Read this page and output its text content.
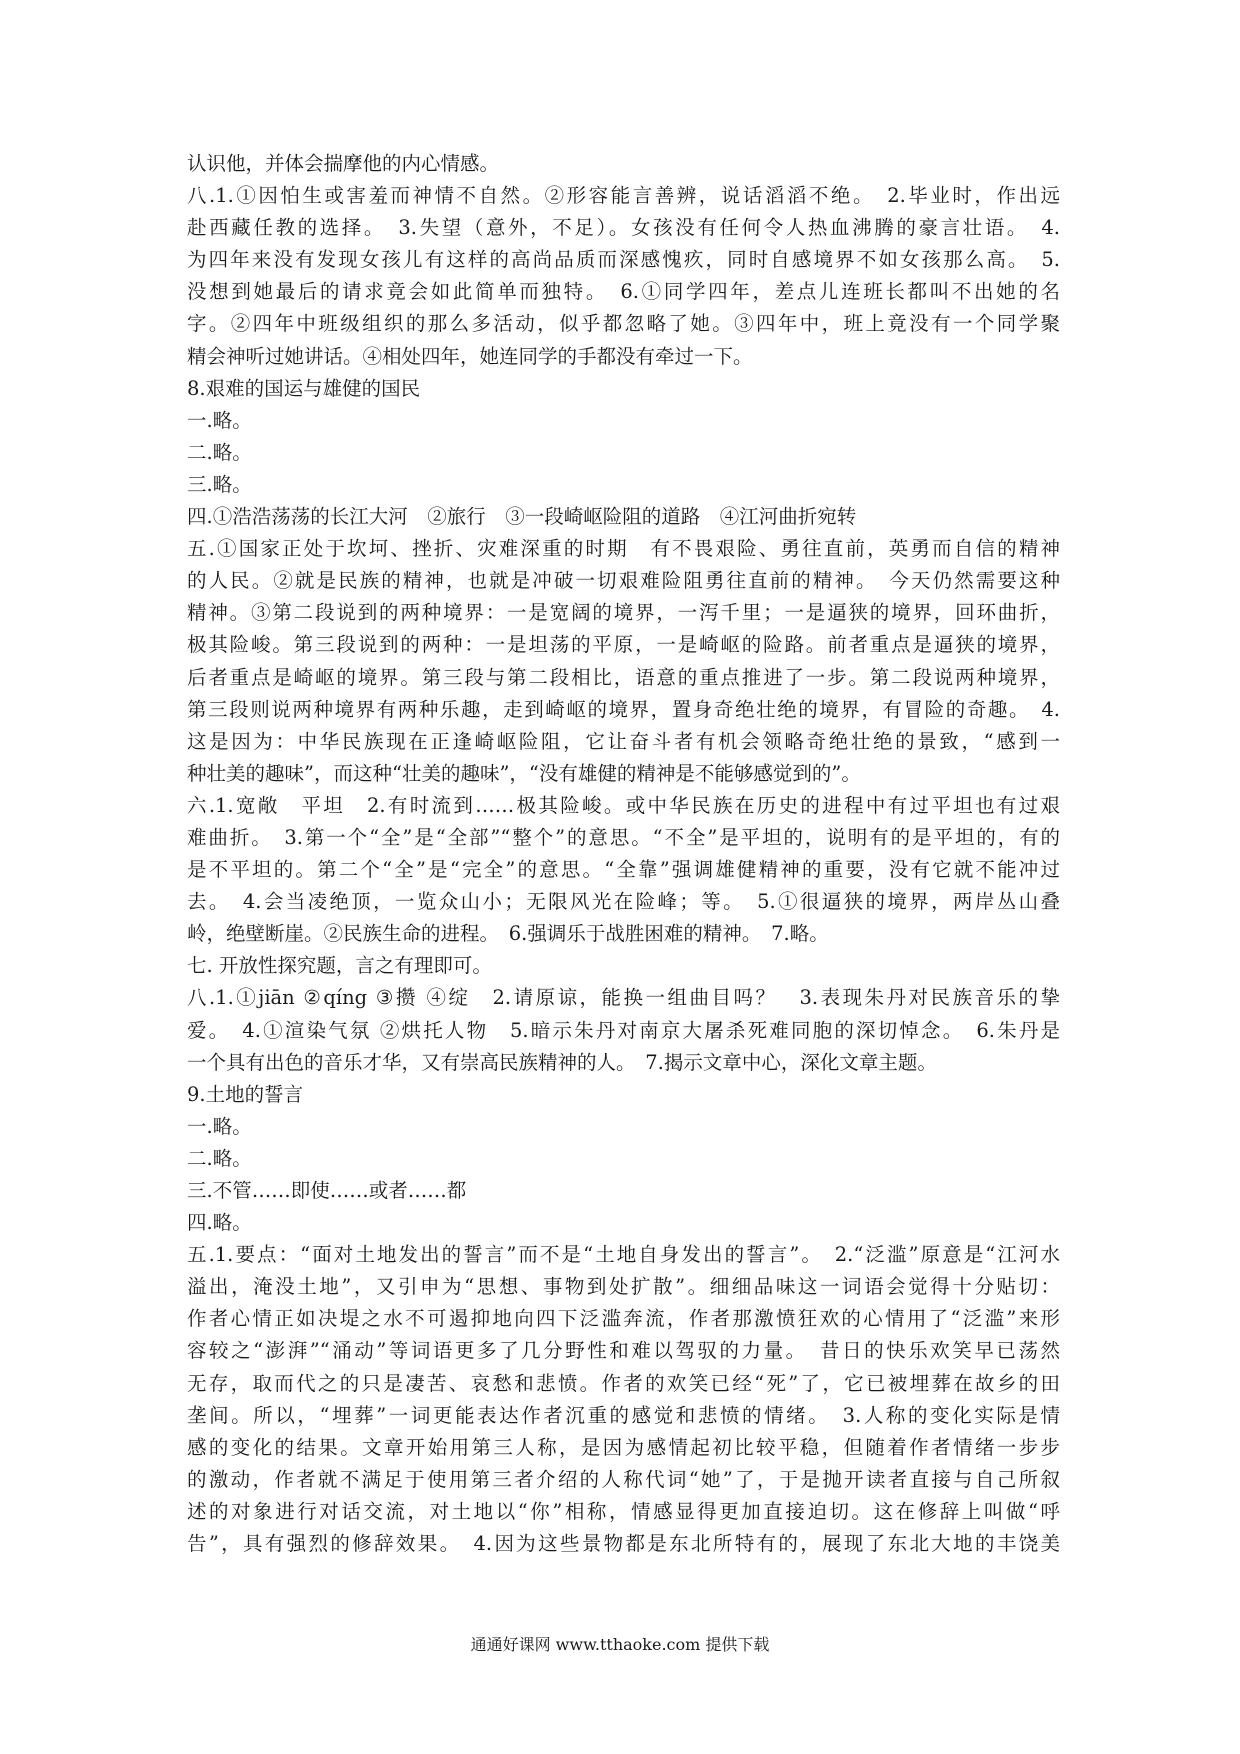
认识他，并体会揣摩他的内心情感。
八.1.①因怕生或害羞而神情不自然。②形容能言善辨，说话滔滔不绝。　2.毕业时，作出远
赴西藏任教的选择。　3.失望（意外，不足）。女孩没有任何令人热血沸腾的豪言壮语。　4.
为四年来没有发现女孩儿有这样的高尚品质而深感愧疚，同时自感境界不如女孩那么高。　5.
没想到她最后的请求竟会如此简单而独特。　6.①同学四年，差点儿连班长都叫不出她的名
字。②四年中班级组织的那么多活动，似乎都忽略了她。③四年中，班上竟没有一个同学聚
精会神听过她讲话。④相处四年，她连同学的手都没有牵过一下。
8.艰难的国运与雄健的国民
一.略。
二.略。
三.略。
四.①浩浩荡荡的长江大河　②旅行　③一段崎岖险阻的道路　④江河曲折宛转
五.①国家正处于坎坷、挫折、灾难深重的时期　有不畏艰险、勇往直前，英勇而自信的精神
的人民。②就是民族的精神，也就是冲破一切艰难险阻勇往直前的精神。　今天仍然需要这种
精神。③第二段说到的两种境界：一是宽阔的境界，一泻千里；一是逼狭的境界，回环曲折，
极其险峻。第三段说到的两种：一是坦荡的平原，一是崎岖的险路。前者重点是逼狭的境界，
后者重点是崎岖的境界。第三段与第二段相比，语意的重点推进了一步。第二段说两种境界，
第三段则说两种境界有两种乐趣，走到崎岖的境界，置身奇绝壮绝的境界，有冒险的奇趣。　4.
这是因为：中华民族现在正逢崎岖险阻，它让奋斗者有机会领略奇绝壮绝的景致，“感到一
种壮美的趣味”，而这种“壮美的趣味”，“没有雄健的精神是不能够感觉到的”。
六.1.宽敞　平坦　2.有时流到……极其险峻。或中华民族在历史的进程中有过平坦也有过艰
难曲折。　3.第一个“全”是“全部”“整个”的意思。“不全”是平坦的，说明有的是平坦的，有的
是不平坦的。第二个“全”是“完全”的意思。“全靠”强调雄健精神的重要，没有它就不能冲过
去。　4.会当凌绝顶，一览众山小；无限风光在险峰；等。　5.①很逼狭的境界，两岸丛山叠
岭，绝壁断崖。②民族生命的进程。　6.强调乐于战胜困难的精神。　7.略。
七. 开放性探究题，言之有理即可。
八.1.①jiān ②qíng ③攒 ④绽　2.请原谅，能换一组曲目吗？　3.表现朱丹对民族音乐的挚
爱。　4.①渲染气氛 ②烘托人物　5.暗示朱丹对南京大屠杀死难同胞的深切悼念。　6.朱丹是
一个具有出色的音乐才华，又有崇高民族精神的人。　7.揭示文章中心，深化文章主题。
9.土地的誓言
一.略。
二.略。
三.不管……即使……或者……都
四.略。
五.1.要点：“面对土地发出的誓言”而不是“土地自身发出的誓言”。　2.“泛滥”原意是“江河水
溢出，淹没土地”，又引申为“思想、事物到处扩散”。细细品味这一词语会觉得十分贴切：
作者心情正如决堤之水不可遏抑地向四下泛滥奔流，作者那激愤狂欢的心情用了“泛滥”来形
容较之“澎湃”“涌动”等词语更多了几分野性和难以驾驭的力量。　昔日的快乐欢笑早已荡然
无存，取而代之的只是凄苦、哀愁和悲愤。作者的欢笑已经“死”了，它已被埋葬在故乡的田
垄间。所以，“埋葬”一词更能表达作者沉重的感觉和悲愤的情绪。　3.人称的变化实际是情
感的变化的结果。文章开始用第三人称，是因为感情起初比较平稳，但随着作者情绪一步步
的激动，作者就不满足于使用第三者介绍的人称代词“她”了，于是抛开读者直接与自己所叙
述的对象进行对话交流，对土地以“你”相称，情感显得更加直接迫切。这在修辞上叫做“呼
告”，具有强烈的修辞效果。　4.因为这些景物都是东北所特有的，展现了东北大地的丰饶美
通通好课网 www.tthaoke.com 提供下载
